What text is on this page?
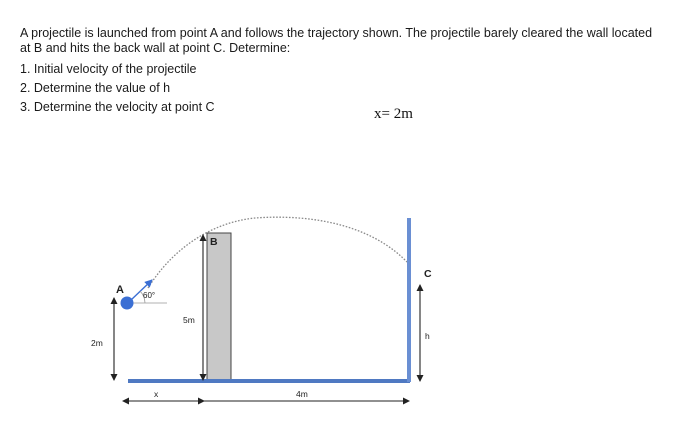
A projectile is launched from point A and follows the trajectory shown. The projectile barely cleared the wall located

at B and hits the back wall at point C. Determine:

1. Initial velocity of the projectile

2. Determine the value of h

3. Determine the velocity at point C	x= 2m
A 60°
B
C
2m
5m
h
x	4m
